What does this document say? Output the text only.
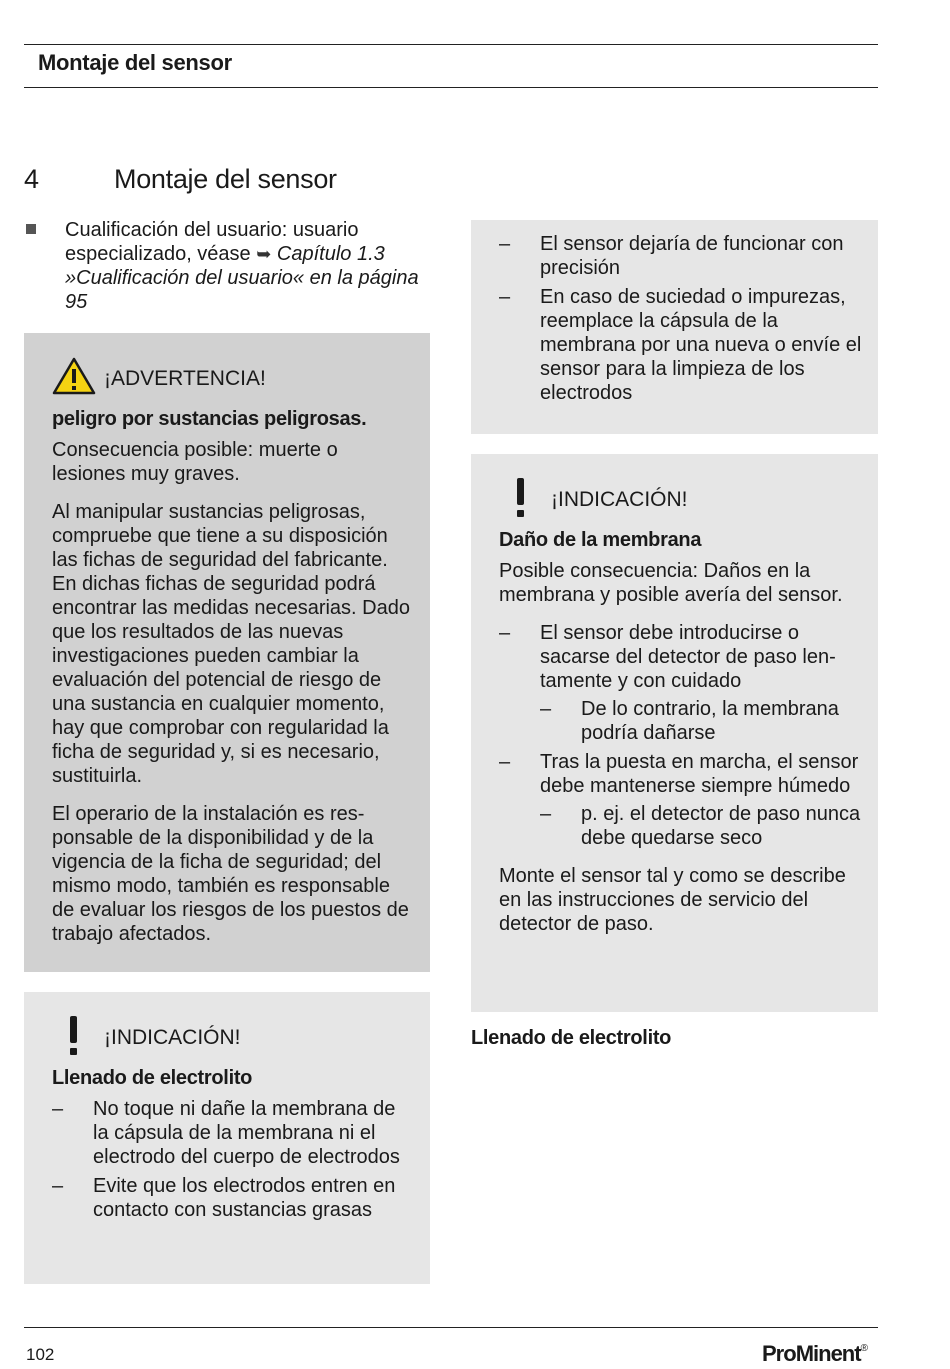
Montaje del sensor
4	Montaje del sensor
Cualificación del usuario: usuario especializado, véase ➥ Capítulo 1.3 »Cualificación del usuario« en la página 95
¡ADVERTENCIA!
peligro por sustancias peligrosas.

Consecuencia posible: muerte o lesiones muy graves.

Al manipular sustancias peligrosas, compruebe que tiene a su disposición las fichas de seguridad del fabricante. En dichas fichas de seguridad podrá encontrar las medidas necesarias. Dado que los resultados de las nuevas investigaciones pueden cambiar la evaluación del potencial de riesgo de una sustancia en cualquier momento, hay que comprobar con regularidad la ficha de seguridad y, si es necesario, sustituirla.

El operario de la instalación es responsable de la disponibilidad y de la vigencia de la ficha de seguridad; del mismo modo, también es responsable de evaluar los riesgos de los puestos de trabajo afectados.

¡INDICACIÓN!
Llenado de electrolito
– No toque ni dañe la membrana de la cápsula de la membrana ni el electrodo del cuerpo de electrodos
– Evite que los electrodos entren en contacto con sustancias grasas
– El sensor dejaría de funcionar con precisión
– En caso de suciedad o impurezas, reemplace la cápsula de la membrana por una nueva o envíe el sensor para la limpieza de los electrodos
¡INDICACIÓN!
Daño de la membrana

Posible consecuencia: Daños en la membrana y posible avería del sensor.

– El sensor debe introducirse o sacarse del detector de paso lentamente y con cuidado
– De lo contrario, la membrana podría dañarse
– Tras la puesta en marcha, el sensor debe mantenerse siempre húmedo
– p. ej. el detector de paso nunca debe quedarse seco

Monte el sensor tal y como se describe en las instrucciones de servicio del detector de paso.

Llenado de electrolito
102	ProMinent®
